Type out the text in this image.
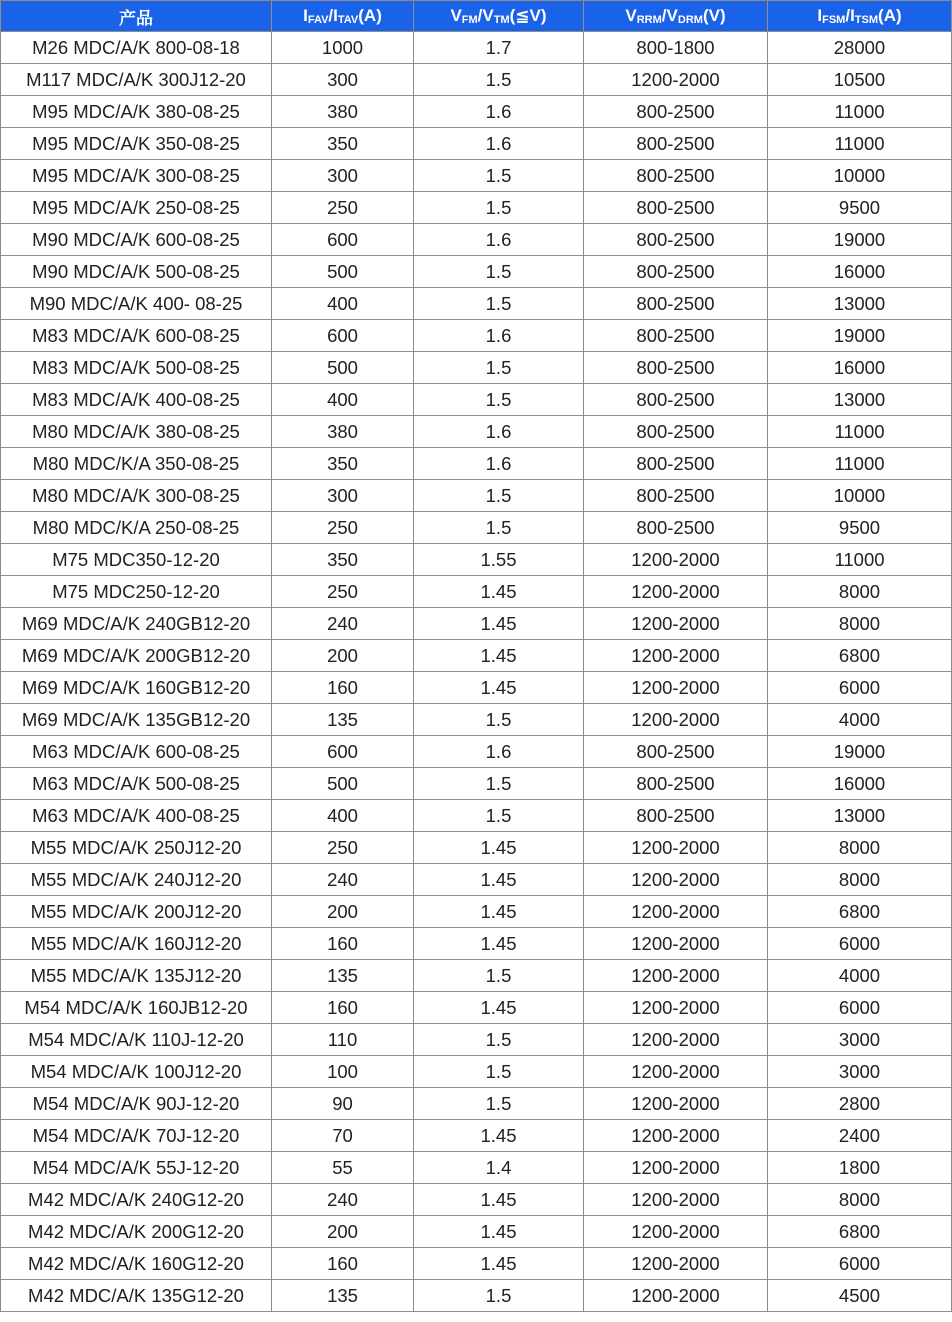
产品	$I_{FAV}/I_{TAV}(A)$	$V_{FM}/V_{TM}(≦V)$	$V_{RRM}/V_{DRM}(V)$	$I_{FSM}/I_{TSM}(A)$
M26 MDC/A/K 800-08-18	1000	1.7	800-1800	28000
M117 MDC/A/K 300J12-20	300	1.5	1200-2000	10500
M95 MDC/A/K 380-08-25	380	1.6	800-2500	11000
M95 MDC/A/K 350-08-25	350	1.6	800-2500	11000
M95 MDC/A/K 300-08-25	300	1.5	800-2500	10000
M95 MDC/A/K 250-08-25	250	1.5	800-2500	9500
M90 MDC/A/K 600-08-25	600	1.6	800-2500	19000
M90 MDC/A/K 500-08-25	500	1.5	800-2500	16000
M90 MDC/A/K 400- 08-25	400	1.5	800-2500	13000
M83 MDC/A/K 600-08-25	600	1.6	800-2500	19000
M83 MDC/A/K 500-08-25	500	1.5	800-2500	16000
M83 MDC/A/K 400-08-25	400	1.5	800-2500	13000
M80 MDC/A/K 380-08-25	380	1.6	800-2500	11000
M80 MDC/K/A 350-08-25	350	1.6	800-2500	11000
M80 MDC/A/K 300-08-25	300	1.5	800-2500	10000
M80 MDC/K/A 250-08-25	250	1.5	800-2500	9500
M75 MDC350-12-20	350	1.55	1200-2000	11000
M75 MDC250-12-20	250	1.45	1200-2000	8000
M69 MDC/A/K 240GB12-20	240	1.45	1200-2000	8000
M69 MDC/A/K 200GB12-20	200	1.45	1200-2000	6800
M69 MDC/A/K 160GB12-20	160	1.45	1200-2000	6000
M69 MDC/A/K 135GB12-20	135	1.5	1200-2000	4000
M63 MDC/A/K 600-08-25	600	1.6	800-2500	19000
M63 MDC/A/K 500-08-25	500	1.5	800-2500	16000
M63 MDC/A/K 400-08-25	400	1.5	800-2500	13000
M55 MDC/A/K 250J12-20	250	1.45	1200-2000	8000
M55 MDC/A/K 240J12-20	240	1.45	1200-2000	8000
M55 MDC/A/K 200J12-20	200	1.45	1200-2000	6800
M55 MDC/A/K 160J12-20	160	1.45	1200-2000	6000
M55 MDC/A/K 135J12-20	135	1.5	1200-2000	4000
M54 MDC/A/K 160JB12-20	160	1.45	1200-2000	6000
M54 MDC/A/K 110J-12-20	110	1.5	1200-2000	3000
M54 MDC/A/K 100J12-20	100	1.5	1200-2000	3000
M54 MDC/A/K 90J-12-20	90	1.5	1200-2000	2800
M54 MDC/A/K 70J-12-20	70	1.45	1200-2000	2400
M54 MDC/A/K 55J-12-20	55	1.4	1200-2000	1800
M42 MDC/A/K 240G12-20	240	1.45	1200-2000	8000
M42 MDC/A/K 200G12-20	200	1.45	1200-2000	6800
M42 MDC/A/K 160G12-20	160	1.45	1200-2000	6000
M42 MDC/A/K 135G12-20	135	1.5	1200-2000	4500
